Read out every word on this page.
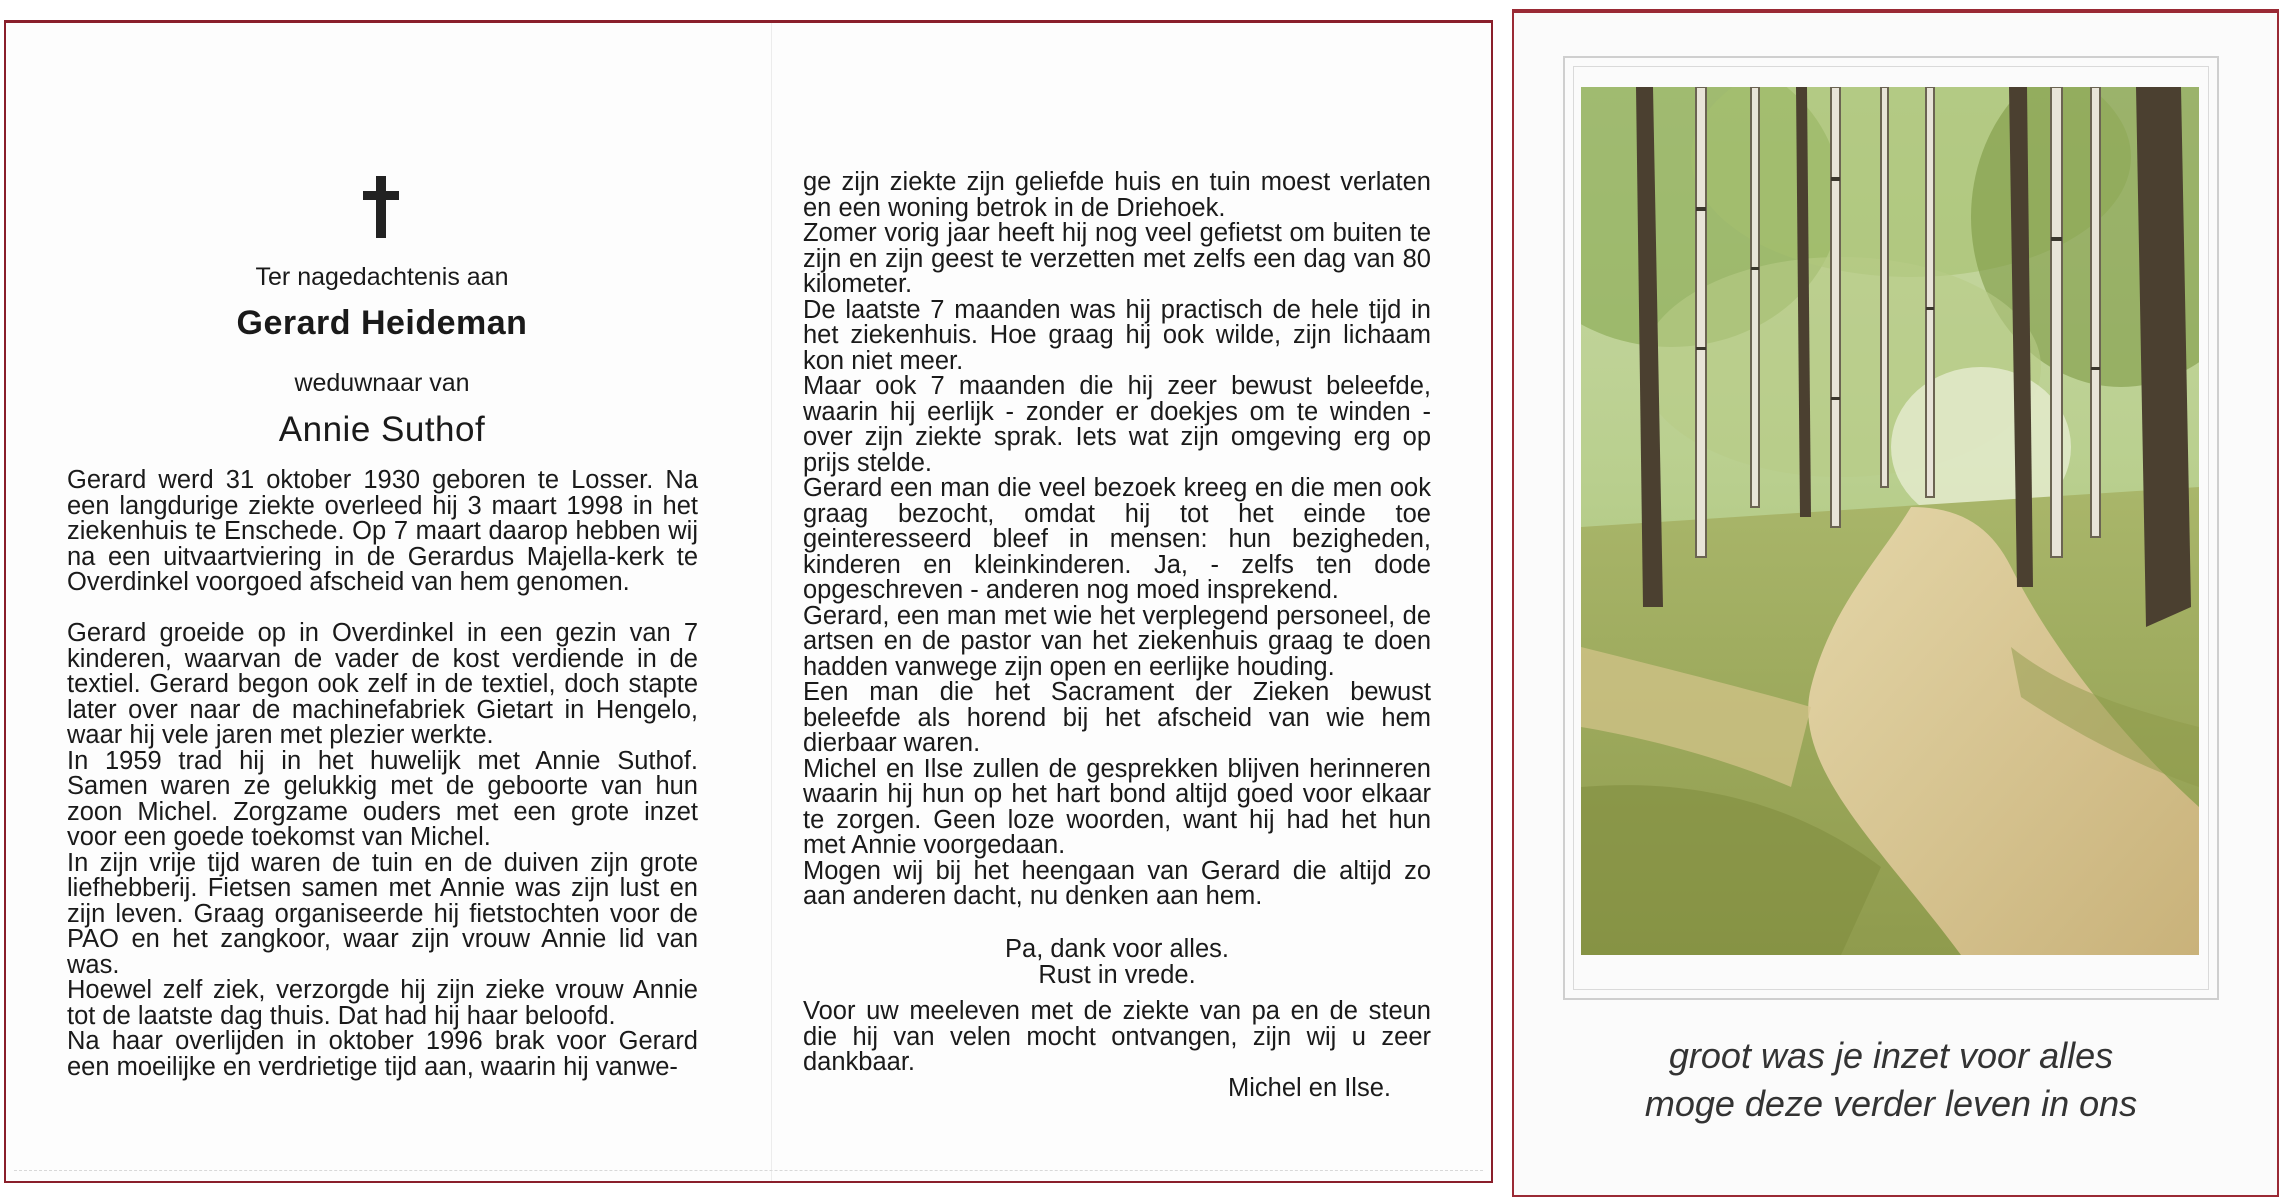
Ter nagedachtenis aan
Gerard Heideman
weduwnaar van
Annie Suthof

Gerard werd 31 oktober 1930 geboren te Losser. Na een langdurige ziekte overleed hij 3 maart 1998 in het ziekenhuis te Enschede. Op 7 maart daarop hebben wij na een uitvaartviering in de Gerardus Majella-kerk te Overdinkel voorgoed afscheid van hem genomen.

Gerard groeide op in Overdinkel in een gezin van 7 kinderen, waarvan de vader de kost verdiende in de textiel. Gerard begon ook zelf in de textiel, doch stapte later over naar de machinefabriek Gietart in Hengelo, waar hij vele jaren met plezier werkte.

In 1959 trad hij in het huwelijk met Annie Suthof. Samen waren ze gelukkig met de geboorte van hun zoon Michel. Zorgzame ouders met een grote inzet voor een goede toekomst van Michel.

In zijn vrije tijd waren de tuin en de duiven zijn grote liefhebberij. Fietsen samen met Annie was zijn lust en zijn leven. Graag organiseerde hij fietstochten voor de PAO en het zangkoor, waar zijn vrouw Annie lid van was.

Hoewel zelf ziek, verzorgde hij zijn zieke vrouw Annie tot de laatste dag thuis. Dat had hij haar beloofd.

Na haar overlijden in oktober 1996 brak voor Gerard een moeilijke en verdrietige tijd aan, waarin hij vanwe-

ge zijn ziekte zijn geliefde huis en tuin moest verlaten en een woning betrok in de Driehoek.

Zomer vorig jaar heeft hij nog veel gefietst om buiten te zijn en zijn geest te verzetten met zelfs een dag van 80 kilometer.

De laatste 7 maanden was hij practisch de hele tijd in het ziekenhuis. Hoe graag hij ook wilde, zijn lichaam kon niet meer.

Maar ook 7 maanden die hij zeer bewust beleefde, waarin hij eerlijk - zonder er doekjes om te winden - over zijn ziekte sprak. Iets wat zijn omgeving erg op prijs stelde.

Gerard een man die veel bezoek kreeg en die men ook graag bezocht, omdat hij tot het einde toe geinteresseerd bleef in mensen: hun bezigheden, kinderen en kleinkinderen. Ja, - zelfs ten dode opgeschreven - anderen nog moed insprekend.

Gerard, een man met wie het verplegend personeel, de artsen en de pastor van het ziekenhuis graag te doen hadden vanwege zijn open en eerlijke houding.

Een man die het Sacrament der Zieken bewust beleefde als horend bij het afscheid van wie hem dierbaar waren.

Michel en Ilse zullen de gesprekken blijven herinneren waarin hij hun op het hart bond altijd goed voor elkaar te zorgen. Geen loze woorden, want hij had het hun met Annie voorgedaan.

Mogen wij bij het heengaan van Gerard die altijd zo aan anderen dacht, nu denken aan hem.

Pa, dank voor alles.
Rust in vrede.
Voor uw meeleven met de ziekte van pa en de steun die hij van velen mocht ontvangen, zijn wij u zeer dankbaar.
Michel en Ilse.
groot was je inzet voor alles
moge deze verder leven in ons
